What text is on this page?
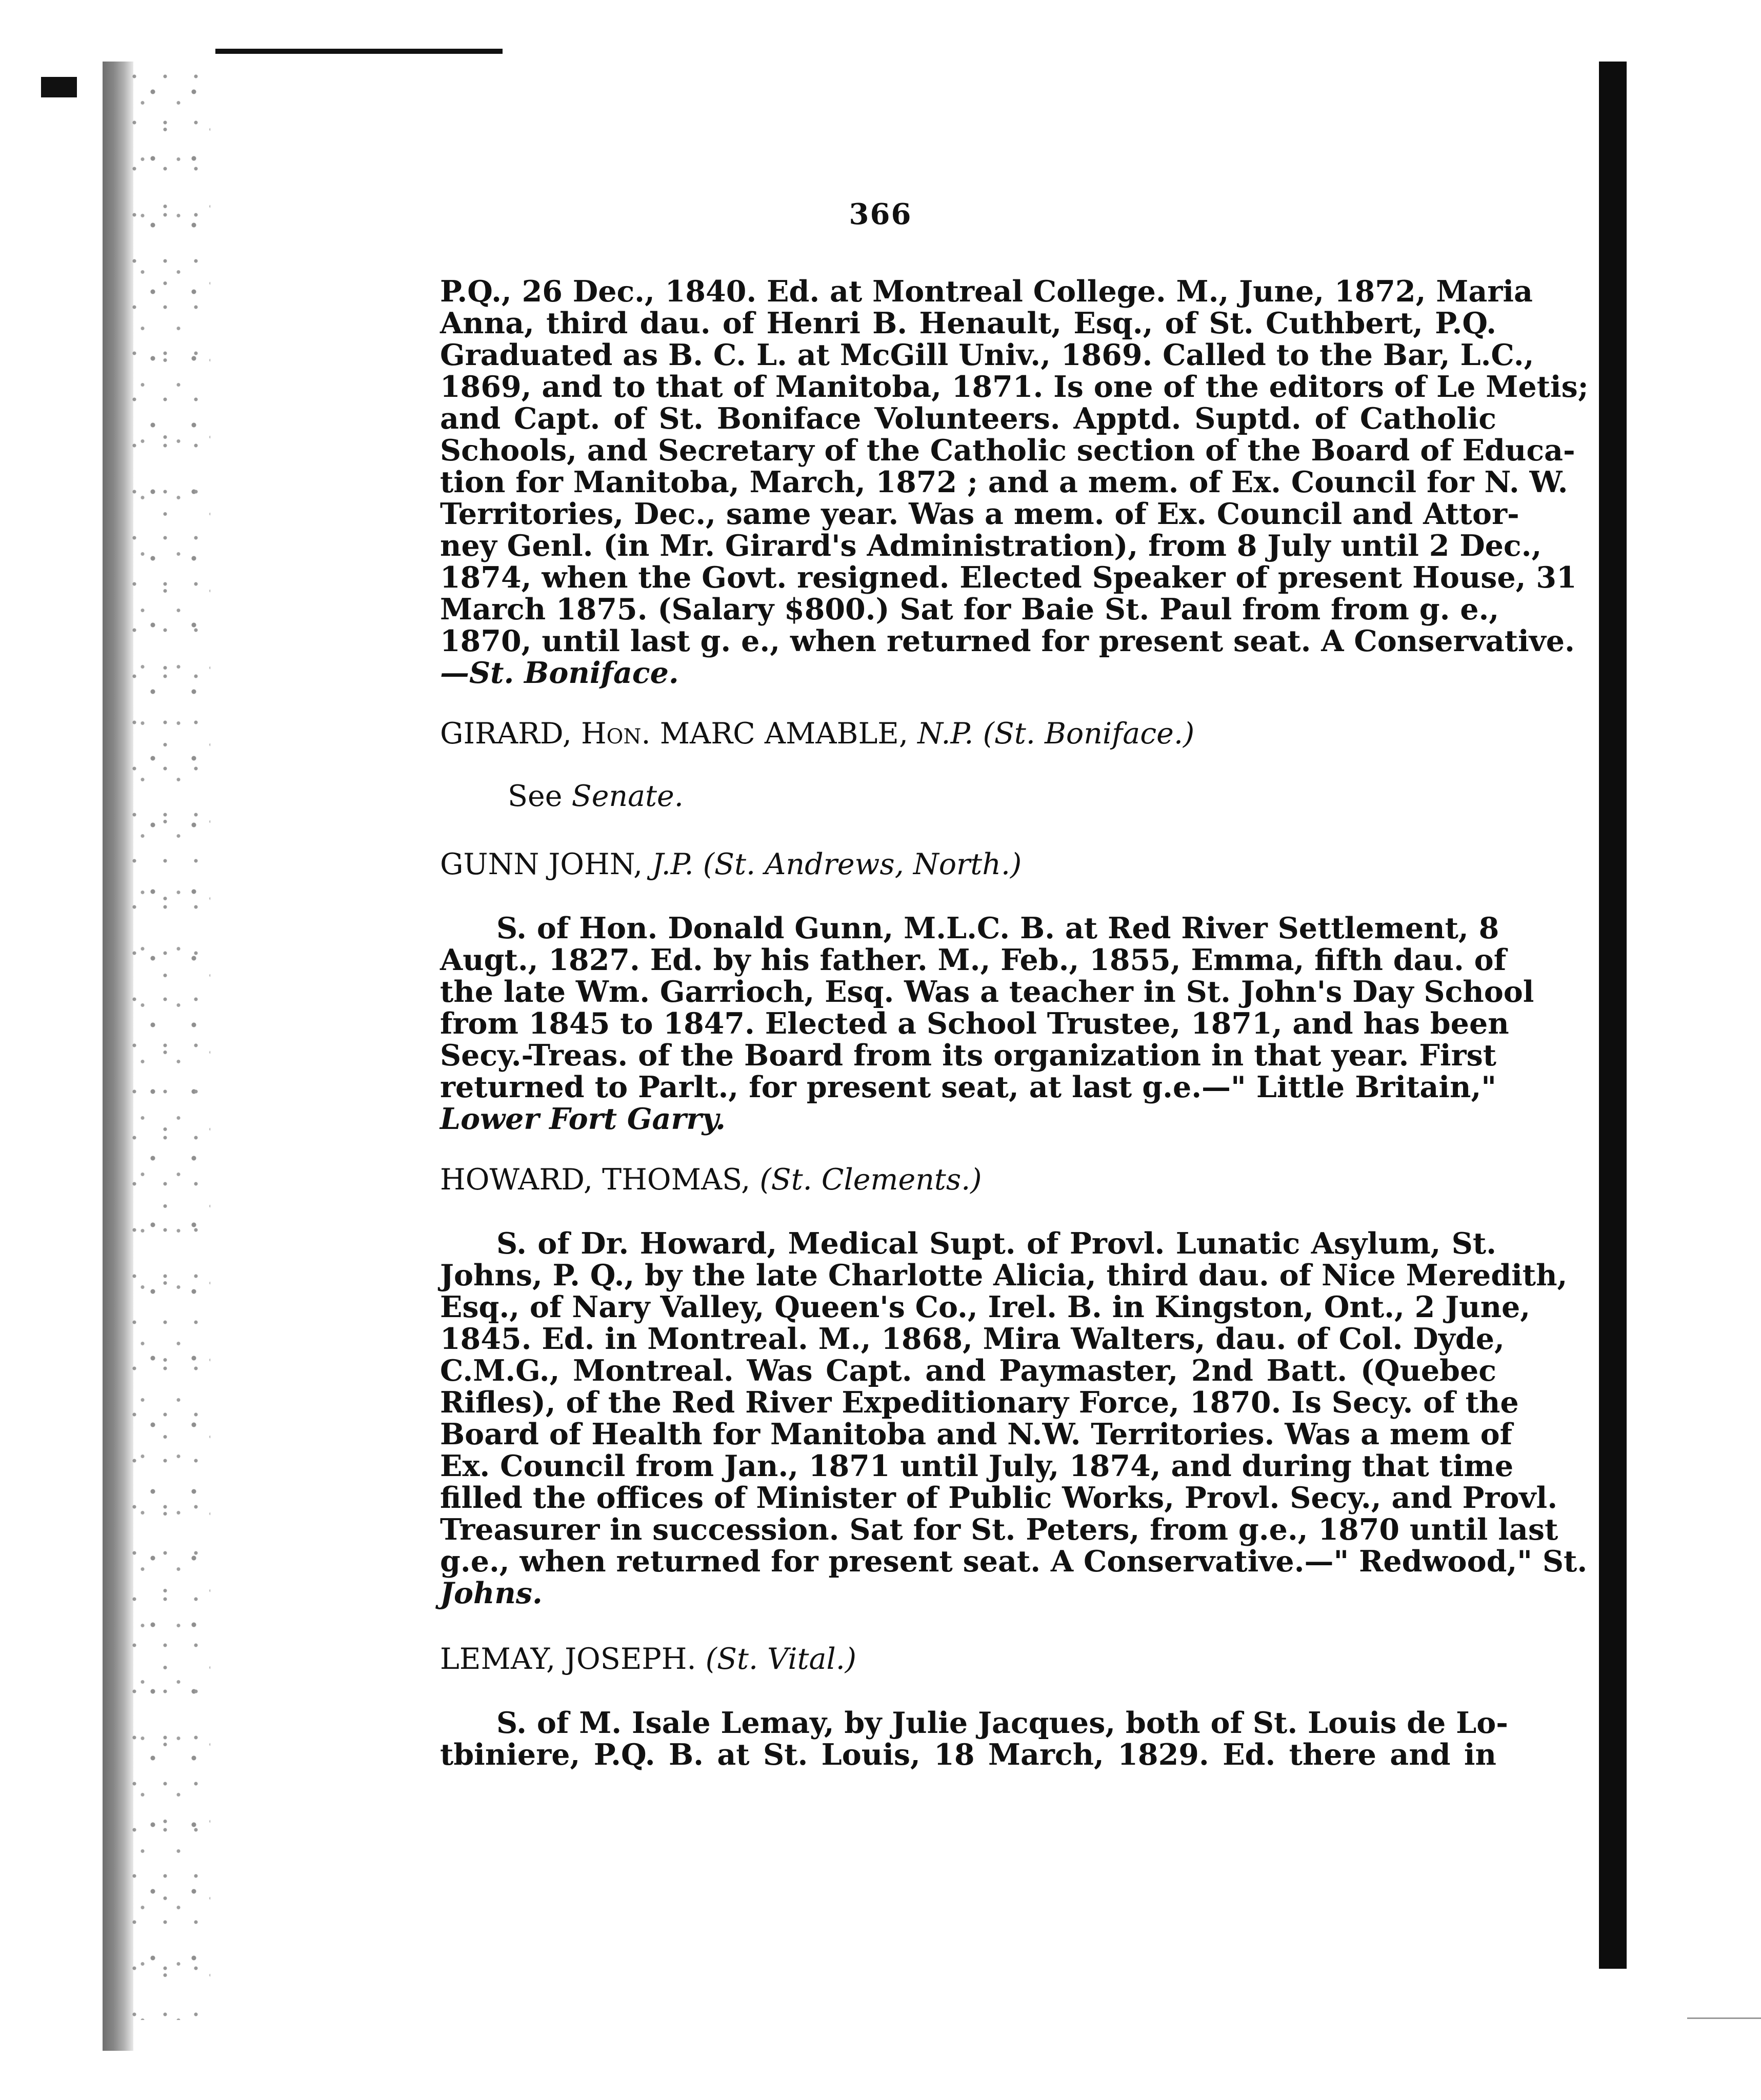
366
P.Q., 26 Dec., 1840. Ed. at Montreal College. M., June, 1872, Maria
Anna, third dau. of Henri B. Henault, Esq., of St. Cuthbert, P.Q.
Graduated as B. C. L. at McGill Univ., 1869. Called to the Bar, L.C.,
1869, and to that of Manitoba, 1871. Is one of the editors of Le Metis;
and Capt. of St. Boniface Volunteers. Apptd. Suptd. of Catholic
Schools, and Secretary of the Catholic section of the Board of Educa-
tion for Manitoba, March, 1872 ; and a mem. of Ex. Council for N. W.
Territories, Dec., same year. Was a mem. of Ex. Council and Attor-
ney Genl. (in Mr. Girard's Administration), from 8 July until 2 Dec.,
1874, when the Govt. resigned. Elected Speaker of present House, 31
March 1875. (Salary $800.) Sat for Baie St. Paul from from g. e.,
1870, until last g. e., when returned for present seat. A Conservative.
—St. Boniface.
GIRARD, Hon. MARC AMABLE, N.P. (St. Boniface.)
See Senate.
GUNN JOHN, J.P. (St. Andrews, North.)
S. of Hon. Donald Gunn, M.L.C. B. at Red River Settlement, 8
Augt., 1827. Ed. by his father. M., Feb., 1855, Emma, fifth dau. of
the late Wm. Garrioch, Esq. Was a teacher in St. John's Day School
from 1845 to 1847. Elected a School Trustee, 1871, and has been
Secy.-Treas. of the Board from its organization in that year. First
returned to Parlt., for present seat, at last g.e.—" Little Britain,"
Lower Fort Garry.
HOWARD, THOMAS, (St. Clements.)
S. of Dr. Howard, Medical Supt. of Provl. Lunatic Asylum, St.
Johns, P. Q., by the late Charlotte Alicia, third dau. of Nice Meredith,
Esq., of Nary Valley, Queen's Co., Irel. B. in Kingston, Ont., 2 June,
1845. Ed. in Montreal. M., 1868, Mira Walters, dau. of Col. Dyde,
C.M.G., Montreal. Was Capt. and Paymaster, 2nd Batt. (Quebec
Rifles), of the Red River Expeditionary Force, 1870. Is Secy. of the
Board of Health for Manitoba and N.W. Territories. Was a mem of
Ex. Council from Jan., 1871 until July, 1874, and during that time
filled the offices of Minister of Public Works, Provl. Secy., and Provl.
Treasurer in succession. Sat for St. Peters, from g.e., 1870 until last
g.e., when returned for present seat. A Conservative.—" Redwood," St.
Johns.
LEMAY, JOSEPH. (St. Vital.)
S. of M. Isale Lemay, by Julie Jacques, both of St. Louis de Lo-
tbiniere, P.Q. B. at St. Louis, 18 March, 1829. Ed. there and in
